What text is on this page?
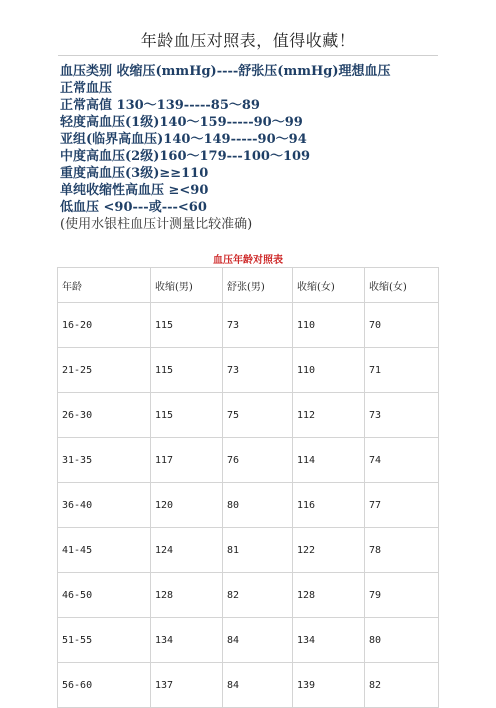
年龄血压对照表，值得收藏！
血压类别 收缩压(mmHg)----舒张压(mmHg)理想血压
正常血压
正常高值 130～139-----85～89
轻度高血压(1级)140～159-----90～99
亚组(临界高血压)140～149-----90～94
中度高血压(2级)160～179---100～109
重度高血压(3级)≥≥110
单纯收缩性高血压 ≥<90
低血压 <90---或---<60
(使用水银柱血压计测量比较准确)
血压年龄对照表
年龄	收缩(男)	舒张(男)	收缩(女)	收缩(女)
16-20	115	73	110	70
21-25	115	73	110	71
26-30	115	75	112	73
31-35	117	76	114	74
36-40	120	80	116	77
41-45	124	81	122	78
46-50	128	82	128	79
51-55	134	84	134	80
56-60	137	84	139	82
